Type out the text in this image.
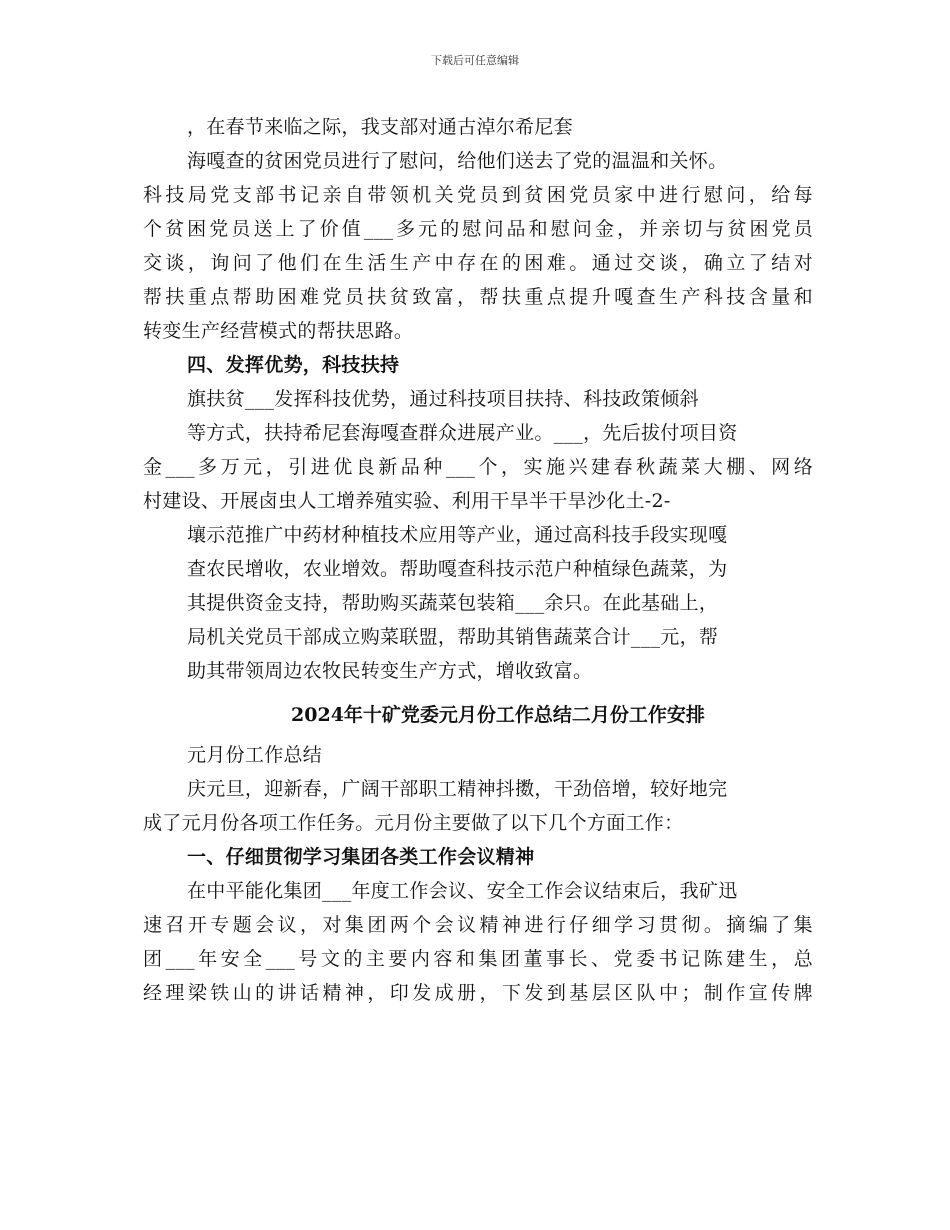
下载后可任意编辑
，在春节来临之际，我支部对通古淖尔希尼套
海嘎查的贫困党员进行了慰问，给他们送去了党的温温和关怀。
科技局党支部书记亲自带领机关党员到贫困党员家中进行慰问，给每
个贫困党员送上了价值___多元的慰问品和慰问金，并亲切与贫困党员
交谈，询问了他们在生活生产中存在的困难。通过交谈，确立了结对
帮扶重点帮助困难党员扶贫致富，帮扶重点提升嘎查生产科技含量和
转变生产经营模式的帮扶思路。
四、发挥优势，科技扶持
旗扶贫___发挥科技优势，通过科技项目扶持、科技政策倾斜
等方式，扶持希尼套海嘎查群众进展产业。___，先后拔付项目资
金___多万元，引进优良新品种___个，实施兴建春秋蔬菜大棚、网络
村建设、开展卤虫人工增养殖实验、利用干旱半干旱沙化土-2-
壤示范推广中药材种植技术应用等产业，通过高科技手段实现嘎
查农民增收，农业增效。帮助嘎查科技示范户种植绿色蔬菜，为
其提供资金支持，帮助购买蔬菜包装箱___余只。在此基础上，
局机关党员干部成立购菜联盟，帮助其销售蔬菜合计___元，帮
助其带领周边农牧民转变生产方式，增收致富。
2024年十矿党委元月份工作总结二月份工作安排
元月份工作总结
庆元旦，迎新春，广阔干部职工精神抖擞，干劲倍增，较好地完
成了元月份各项工作任务。元月份主要做了以下几个方面工作：
一、仔细贯彻学习集团各类工作会议精神
在中平能化集团___年度工作会议、安全工作会议结束后，我矿迅
速召开专题会议，对集团两个会议精神进行仔细学习贯彻。摘编了集
团___年安全___号文的主要内容和集团董事长、党委书记陈建生，总
经理梁铁山的讲话精神，印发成册，下发到基层区队中；制作宣传牌
